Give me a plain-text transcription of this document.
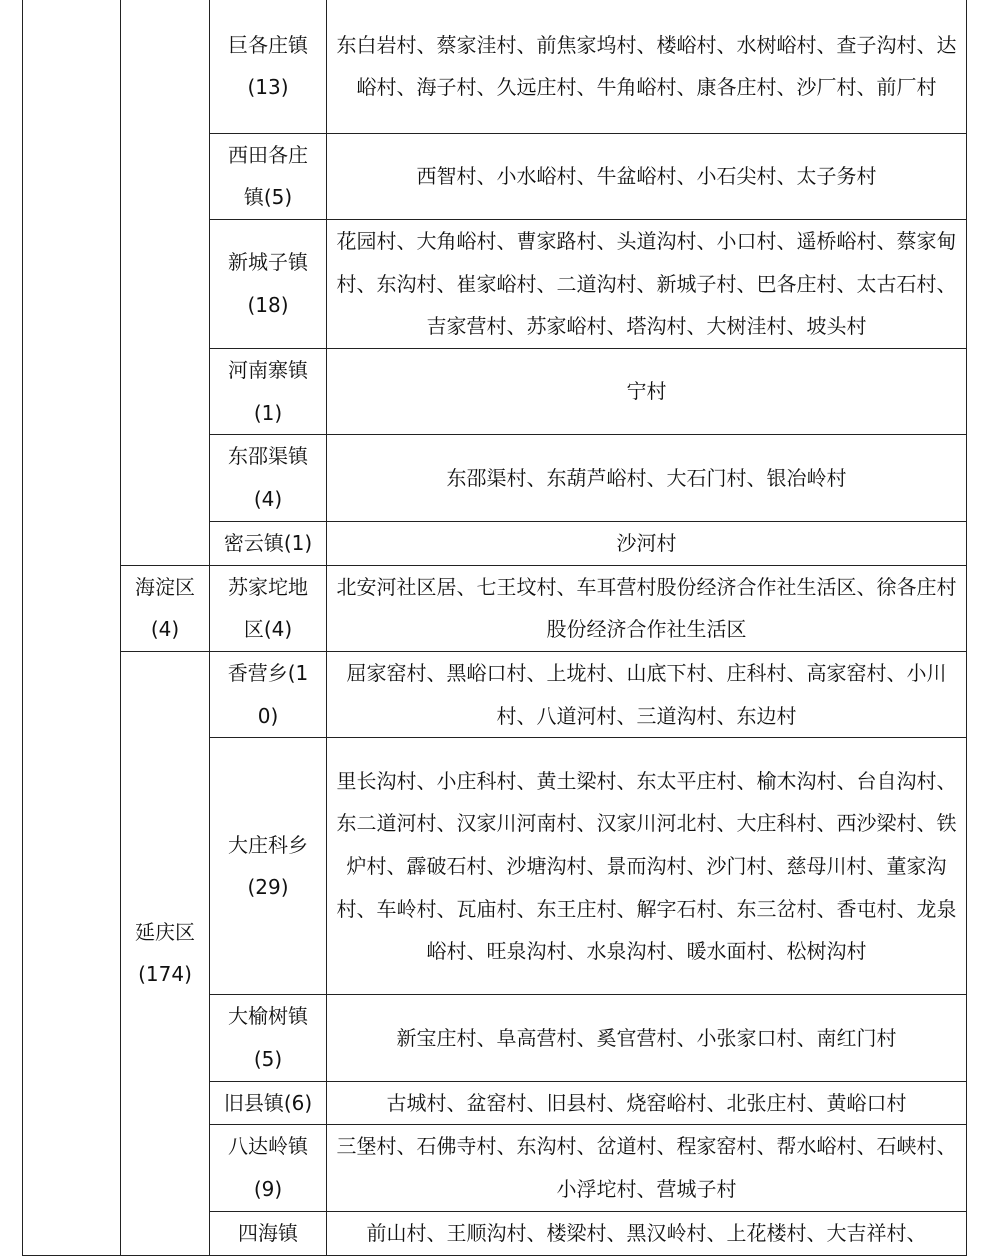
		巨各庄镇(13)	东白岩村、蔡家洼村、前焦家坞村、楼峪村、水树峪村、查子沟村、达峪村、海子村、久远庄村、牛角峪村、康各庄村、沙厂村、前厂村
		西田各庄镇(5)	西智村、小水峪村、牛盆峪村、小石尖村、太子务村
		新城子镇(18)	花园村、大角峪村、曹家路村、头道沟村、小口村、遥桥峪村、蔡家甸村、东沟村、崔家峪村、二道沟村、新城子村、巴各庄村、太古石村、吉家营村、苏家峪村、塔沟村、大树洼村、坡头村
		河南寨镇(1)	宁村
		东邵渠镇(4)	东邵渠村、东葫芦峪村、大石门村、银冶岭村
		密云镇(1)	沙河村
	海淀区(4)	苏家坨地区(4)	北安河社区居、七王坟村、车耳营村股份经济合作社生活区、徐各庄村股份经济合作社生活区
	延庆区(174)	香营乡(10)	屈家窑村、黑峪口村、上垅村、山底下村、庄科村、高家窑村、小川村、八道河村、三道沟村、东边村
		大庄科乡(29)	里长沟村、小庄科村、黄土梁村、东太平庄村、榆木沟村、台自沟村、东二道河村、汉家川河南村、汉家川河北村、大庄科村、西沙梁村、铁炉村、霹破石村、沙塘沟村、景而沟村、沙门村、慈母川村、董家沟村、车岭村、瓦庙村、东王庄村、解字石村、东三岔村、香屯村、龙泉峪村、旺泉沟村、水泉沟村、暖水面村、松树沟村
		大榆树镇(5)	新宝庄村、阜高营村、奚官营村、小张家口村、南红门村
		旧县镇(6)	古城村、盆窑村、旧县村、烧窑峪村、北张庄村、黄峪口村
		八达岭镇(9)	三堡村、石佛寺村、东沟村、岔道村、程家窑村、帮水峪村、石峡村、小浮坨村、营城子村
		四海镇	前山村、王顺沟村、楼梁村、黑汉岭村、上花楼村、大吉祥村、
